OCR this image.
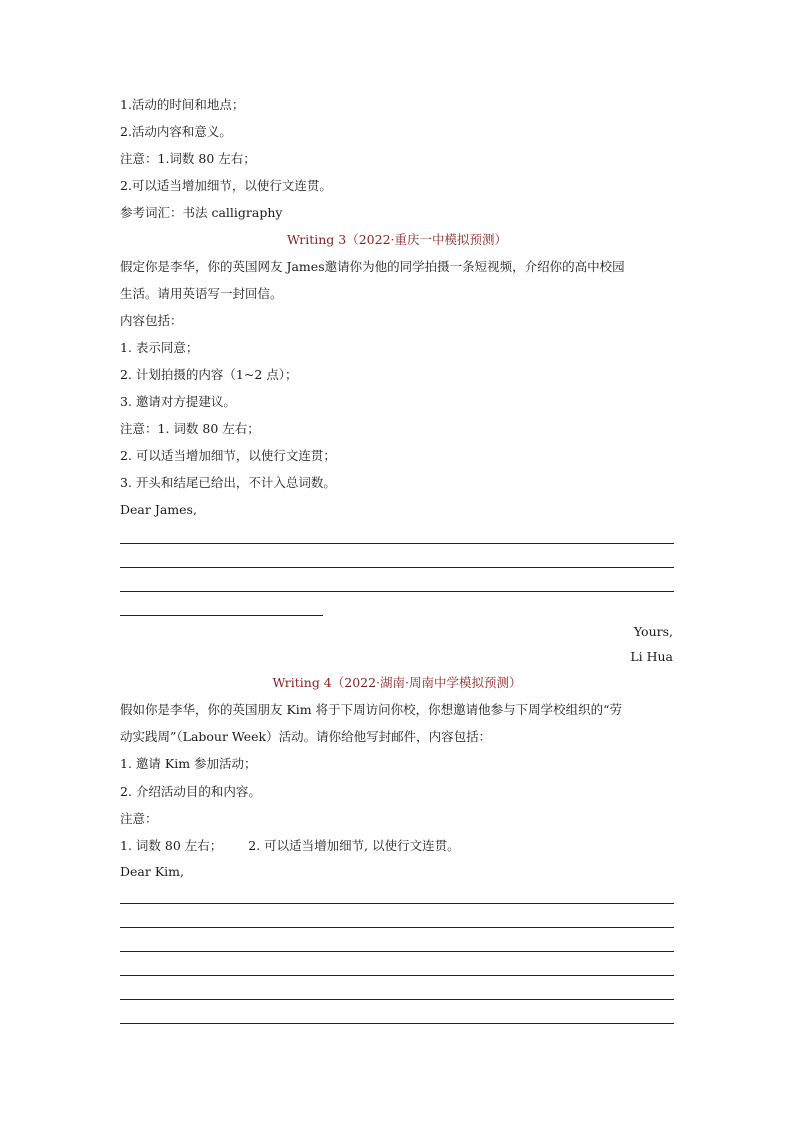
1.活动的时间和地点；
2.活动内容和意义。
注意：1.词数 80 左右；
2.可以适当增加细节，以使行文连贯。
参考词汇：书法 calligraphy
Writing 3（2022·重庆一中模拟预测）
假定你是李华，你的英国网友 James邀请你为他的同学拍摄一条短视频，介绍你的高中校园
生活。请用英语写一封回信。
内容包括：
1. 表示同意；
2. 计划拍摄的内容（1~2 点）；
3. 邀请对方提建议。
注意：1. 词数 80 左右；
2. 可以适当增加细节，以使行文连贯；
3. 开头和结尾已给出，不计入总词数。
Dear James,
Yours,
Li Hua
Writing 4（2022·湖南·周南中学模拟预测）
假如你是李华，你的英国朋友 Kim 将于下周访问你校，你想邀请他参与下周学校组织的“劳
动实践周”（Labour Week）活动。请你给他写封邮件，内容包括：
1. 邀请 Kim 参加活动；
2. 介绍活动目的和内容。
注意：
1. 词数 80 左右； 2. 可以适当增加细节, 以使行文连贯。
Dear Kim,
